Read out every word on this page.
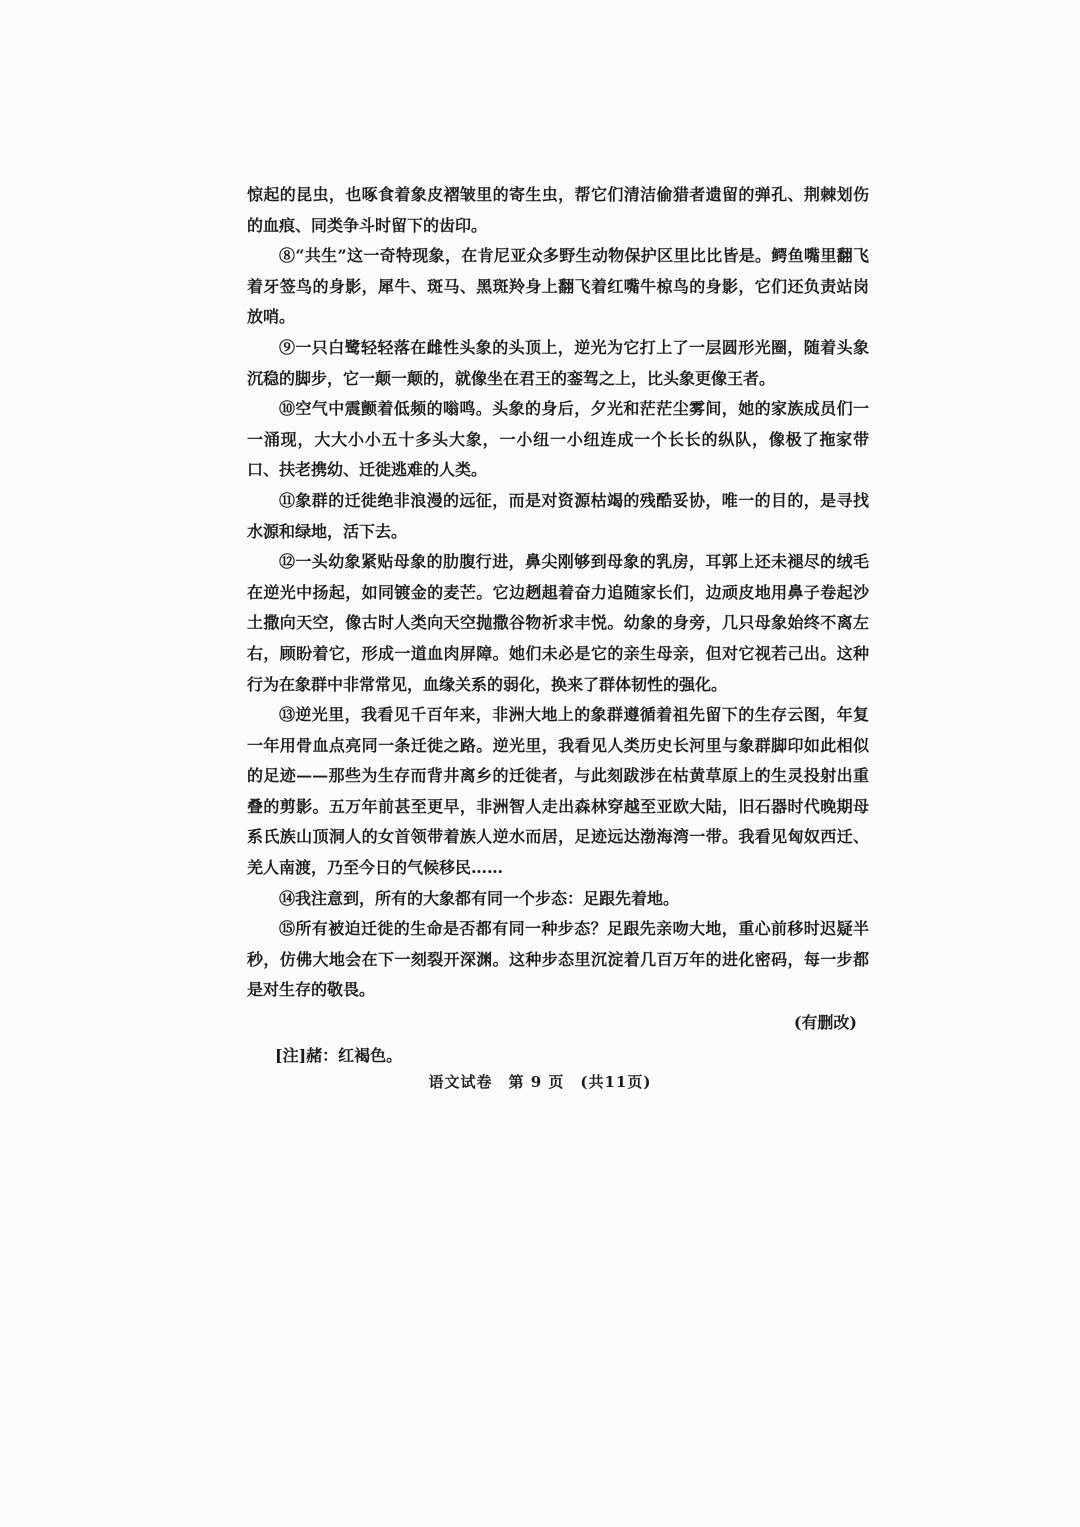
惊起的昆虫，也啄食着象皮褶皱里的寄生虫，帮它们清洁偷猎者遗留的弹孔、荆棘划伤的血痕、同类争斗时留下的齿印。

⑧“共生”这一奇特现象，在肯尼亚众多野生动物保护区里比比皆是。鳄鱼嘴里翻飞着牙签鸟的身影，犀牛、斑马、黑斑羚身上翻飞着红嘴牛椋鸟的身影，它们还负责站岗放哨。

⑨一只白鹭轻轻落在雌性头象的头顶上，逆光为它打上了一层圆形光圈，随着头象沉稳的脚步，它一颠一颠的，就像坐在君王的銮驾之上，比头象更像王者。

⑩空气中震颤着低频的嗡鸣。头象的身后，夕光和茫茫尘雾间，她的家族成员们一一涌现，大大小小五十多头大象，一小纽一小纽连成一个长长的纵队，像极了拖家带口、扶老携幼、迁徙逃难的人类。

⑪象群的迁徙绝非浪漫的远征，而是对资源枯竭的残酷妥协，唯一的目的，是寻找水源和绿地，活下去。

⑫一头幼象紧贴母象的肋腹行进，鼻尖刚够到母象的乳房，耳郭上还未褪尽的绒毛在逆光中扬起，如同镀金的麦芒。它边趔趄着奋力追随家长们，边顽皮地用鼻子卷起沙土撒向天空，像古时人类向天空抛撒谷物祈求丰悦。幼象的身旁，几只母象始终不离左右，顾盼着它，形成一道血肉屏障。她们未必是它的亲生母亲，但对它视若己出。这种行为在象群中非常常见，血缘关系的弱化，换来了群体韧性的强化。

⑬逆光里，我看见千百年来，非洲大地上的象群遵循着祖先留下的生存云图，年复一年用骨血点亮同一条迁徙之路。逆光里，我看见人类历史长河里与象群脚印如此相似的足迹——那些为生存而背井离乡的迁徙者，与此刻跋涉在枯黄草原上的生灵投射出重叠的剪影。五万年前甚至更早，非洲智人走出森林穿越至亚欧大陆，旧石器时代晚期母系氏族山顶洞人的女首领带着族人逆水而居，足迹远达渤海湾一带。我看见匈奴西迁、羌人南渡，乃至今日的气候移民……

⑭我注意到，所有的大象都有同一个步态：足跟先着地。

⑮所有被迫迁徙的生命是否都有同一种步态？足跟先亲吻大地，重心前移时迟疑半秒，仿佛大地会在下一刻裂开深渊。这种步态里沉淀着几百万年的进化密码，每一步都是对生存的敬畏。

(有删改)
[注]赭：红褐色。
语文试卷　第 9 页　(共11页)
